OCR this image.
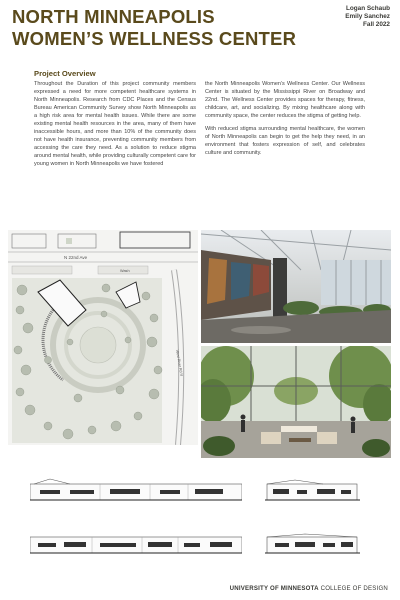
NORTH MINNEAPOLIS
WOMEN’S WELLNESS CENTER
Logan Schaub
Emily Sanchez
Fall 2022
Project Overview

Throughout the Duration of this project community members expressed a need for more competent healthcare systems in North Minneapolis. Research from CDC Places and the Census Bureau American Community Survey show North Minneapolis as a high risk area for mental health issues. While there are some existing mental health resources in the area, many of them have inaccessible hours, and more than 10% of the community does not have health insurance, preventing community members from accessing the care they need. As a solution to reduce stigma around mental health, while providing culturally competent care for young women in North Minneapolis we have fostered

the North Minneapolis Women’s Wellness Center. Our Wellness Center is situated by the Mississippi River on Broadway and 22nd. The Wellness Center provides spaces for therapy, fitness, childcare, art, and socializing. By mixing healthcare along with community space, the center reduces the stigma of getting help.

With reduced stigma surrounding mental healthcare, the women of North Minneapolis can begin to get the help they need, in an environment that fosters expression of self, and celebrates culture and community.

N 22nd Ave
Wash
West River Rd N
UNIVERSITY OF MINNESOTA COLLEGE OF DESIGN
